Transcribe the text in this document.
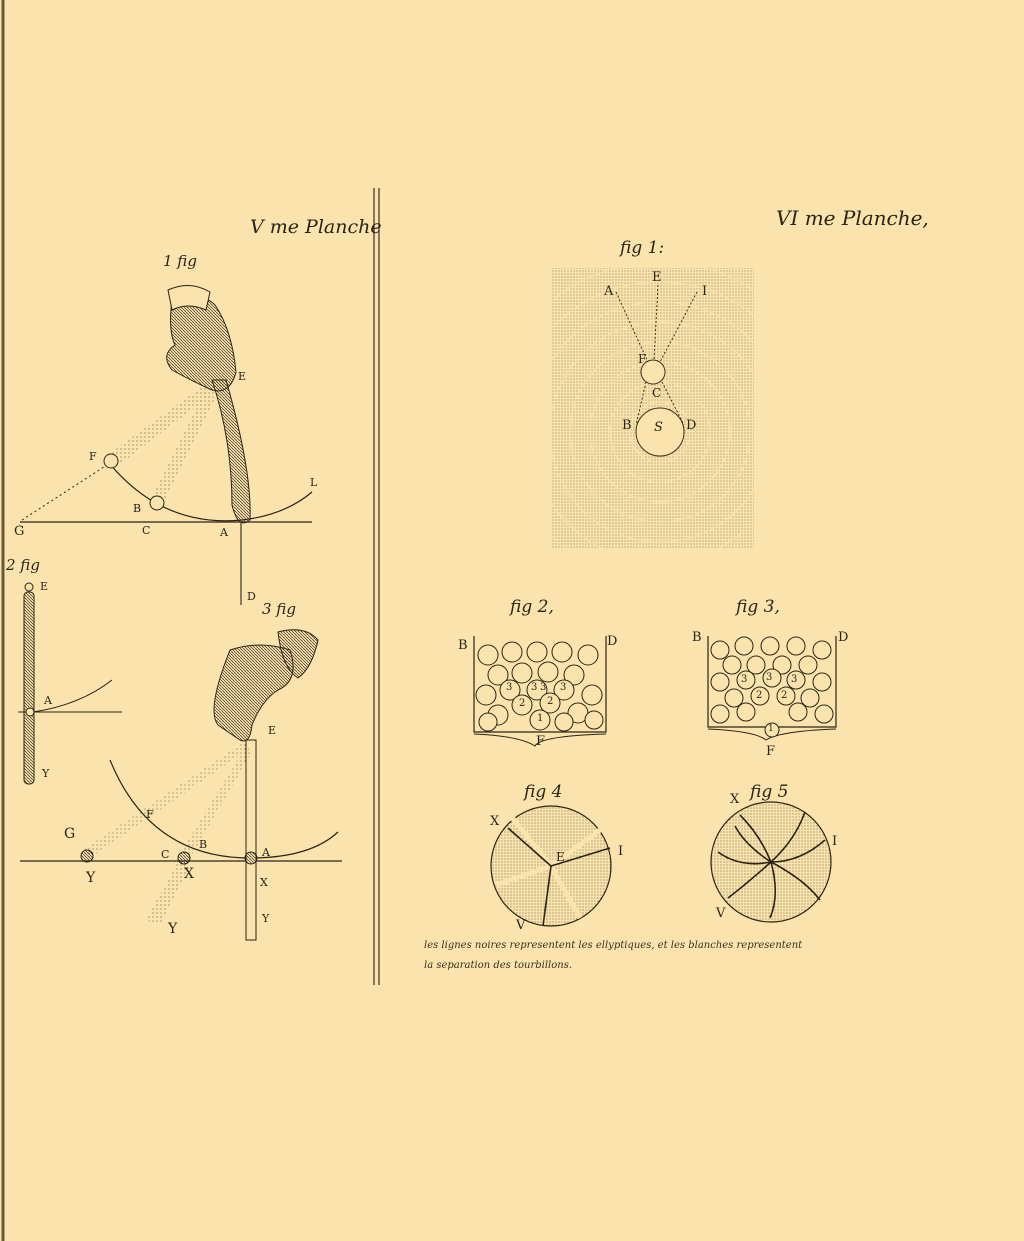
V me Planche
1 fig
E
F
B
L
C	A
D
G
2 fig
E
A
Y
3 fig
E
F
G
C
B
A
Y	X
X
Y
Y
VI me Planche,
fig 1:
A
E
I
F
C
B S D
fig 2,
3 3 3 3
2 2
1
B	D
F
fig 3,
3 3 3
2 2
1
B	D
F
fig 4
X
E	I
V
fig 5
X
I
V
les lignes noires representent les ellyptiques, et les blanches representent
la separation des tourbillons.
